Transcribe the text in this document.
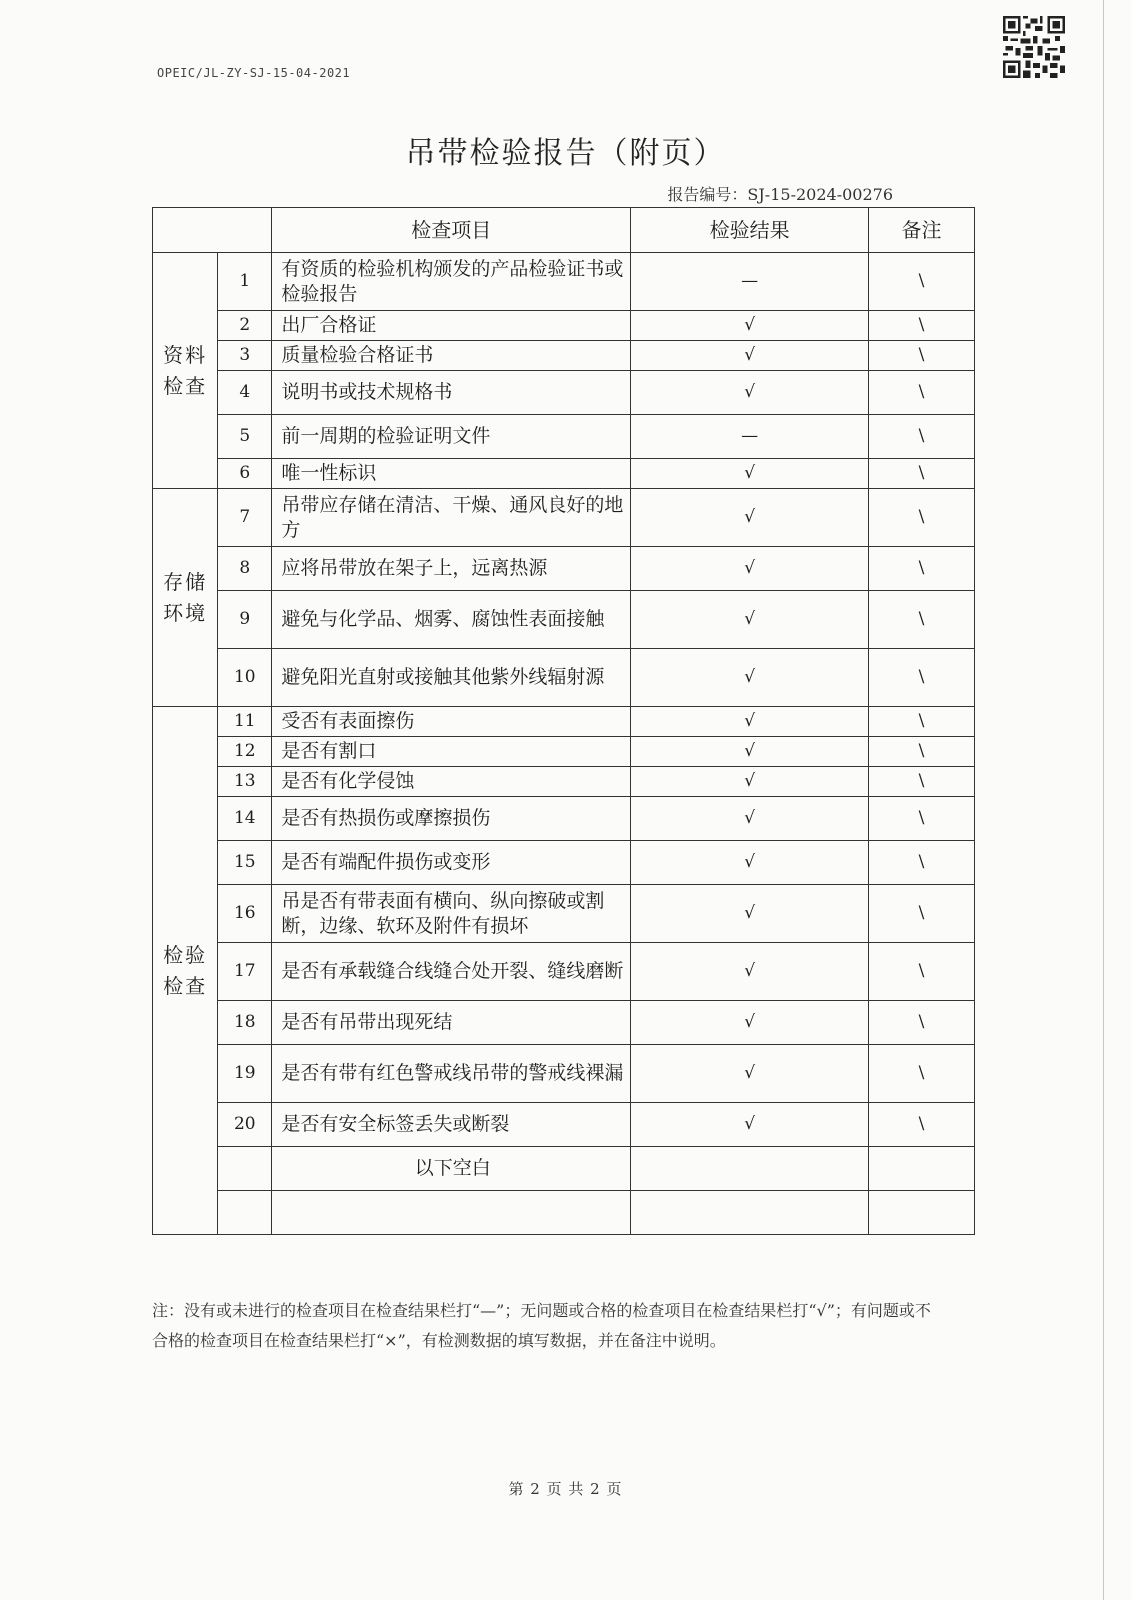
OPEIC/JL-ZY-SJ-15-04-2021
吊带检验报告（附页）
报告编号：SJ-15-2024-00276
		检查项目	检验结果	备注

资料
检查	1	有资质的检验机构颁发的产品检验证书或检验报告	—	\
	2	出厂合格证	√	\
	3	质量检验合格证书	√	\
	4	说明书或技术规格书	√	\
	5	前一周期的检验证明文件	—	\
	6	唯一性标识	√	\

存储
环境	7	吊带应存储在清洁、干燥、通风良好的地方	√	\
	8	应将吊带放在架子上，远离热源	√	\
	9	避免与化学品、烟雾、腐蚀性表面接触	√	\
	10	避免阳光直射或接触其他紫外线辐射源	√	\

检验
检查	11	受否有表面擦伤	√	\
	12	是否有割口	√	\
	13	是否有化学侵蚀	√	\
	14	是否有热损伤或摩擦损伤	√	\
	15	是否有端配件损伤或变形	√	\
	16	吊是否有带表面有横向、纵向擦破或割断，边缘、软环及附件有损坏	√	\
	17	是否有承载缝合线缝合处开裂、缝线磨断	√	\
	18	是否有吊带出现死结	√	\
	19	是否有带有红色警戒线吊带的警戒线裸漏	√	\
	20	是否有安全标签丢失或断裂	√	\
		以下空白		

注：没有或未进行的检查项目在检查结果栏打“—”；无问题或合格的检查项目在检查结果栏打“√”；有问题或不合格的检查项目在检查结果栏打“×”，有检测数据的填写数据，并在备注中说明。
第 2 页 共 2 页
